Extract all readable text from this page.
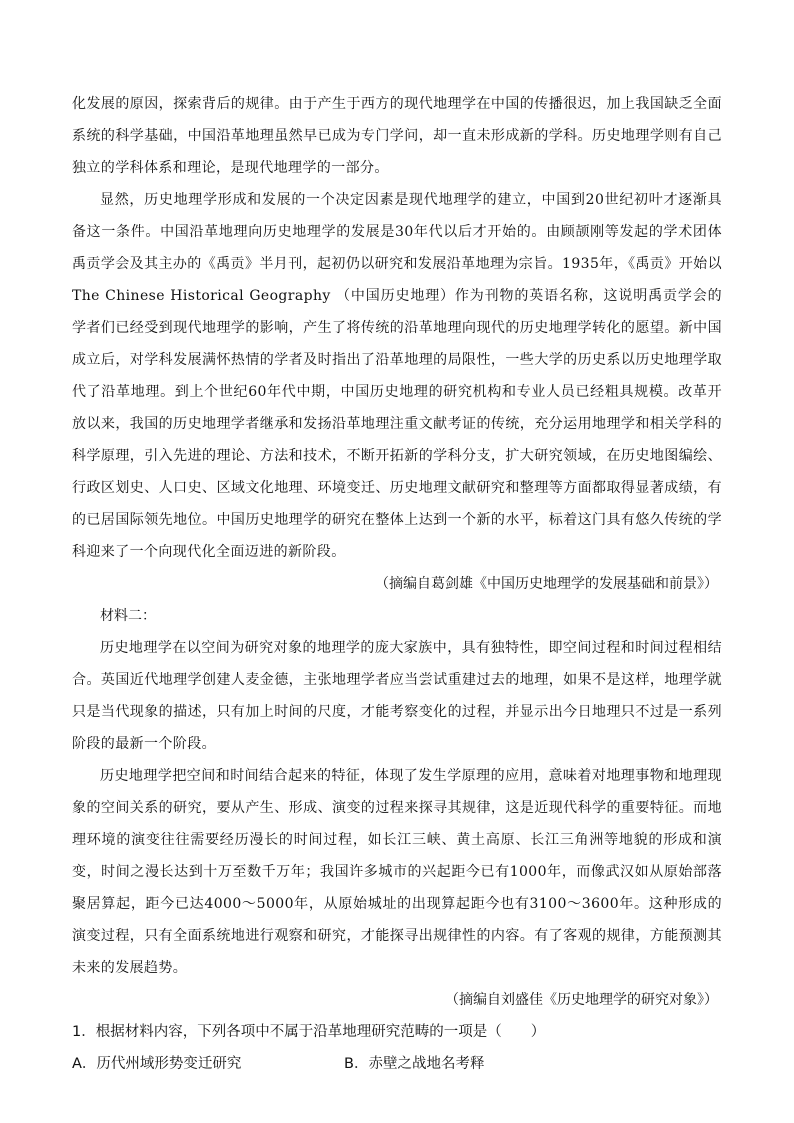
化发展的原因，探索背后的规律。由于产生于西方的现代地理学在中国的传播很迟，加上我国缺乏全面系统的科学基础，中国沿革地理虽然早已成为专门学问，却一直未形成新的学科。历史地理学则有自己独立的学科体系和理论，是现代地理学的一部分。

显然，历史地理学形成和发展的一个决定因素是现代地理学的建立，中国到20世纪初叶才逐渐具备这一条件。中国沿革地理向历史地理学的发展是30年代以后才开始的。由顾颉刚等发起的学术团体禹贡学会及其主办的《禹贡》半月刊，起初仍以研究和发展沿革地理为宗旨。1935年，《禹贡》开始以The Chinese Historical Geography （中国历史地理）作为刊物的英语名称，这说明禹贡学会的学者们已经受到现代地理学的影响，产生了将传统的沿革地理向现代的历史地理学转化的愿望。新中国成立后，对学科发展满怀热情的学者及时指出了沿革地理的局限性，一些大学的历史系以历史地理学取代了沿革地理。到上个世纪60年代中期，中国历史地理的研究机构和专业人员已经粗具规模。改革开放以来，我国的历史地理学者继承和发扬沿革地理注重文献考证的传统，充分运用地理学和相关学科的科学原理，引入先进的理论、方法和技术，不断开拓新的学科分支，扩大研究领域，在历史地图编绘、行政区划史、人口史、区域文化地理、环境变迁、历史地理文献研究和整理等方面都取得显著成绩，有的已居国际领先地位。中国历史地理学的研究在整体上达到一个新的水平，标着这门具有悠久传统的学科迎来了一个向现代化全面迈进的新阶段。

（摘编自葛剑雄《中国历史地理学的发展基础和前景》）

材料二：

历史地理学在以空间为研究对象的地理学的庞大家族中，具有独特性，即空间过程和时间过程相结合。英国近代地理学创建人麦金德，主张地理学者应当尝试重建过去的地理，如果不是这样，地理学就只是当代现象的描述，只有加上时间的尺度，才能考察变化的过程，并显示出今日地理只不过是一系列阶段的最新一个阶段。

历史地理学把空间和时间结合起来的特征，体现了发生学原理的应用，意味着对地理事物和地理现象的空间关系的研究，要从产生、形成、演变的过程来探寻其规律，这是近现代科学的重要特征。而地理环境的演变往往需要经历漫长的时间过程，如长江三峡、黄土高原、长江三角洲等地貌的形成和演变，时间之漫长达到十万至数千万年；我国许多城市的兴起距今已有1000年，而像武汉如从原始部落聚居算起，距今已达4000～5000年，从原始城址的出现算起距今也有3100～3600年。这种形成的演变过程，只有全面系统地进行观察和研究，才能探寻出规律性的内容。有了客观的规律，方能预测其未来的发展趋势。

（摘编自刘盛佳《历史地理学的研究对象》）

1．根据材料内容，下列各项中不属于沿革地理研究范畴的一项是（　　）

A．历代州域形势变迁研究	B．赤壁之战地名考释
